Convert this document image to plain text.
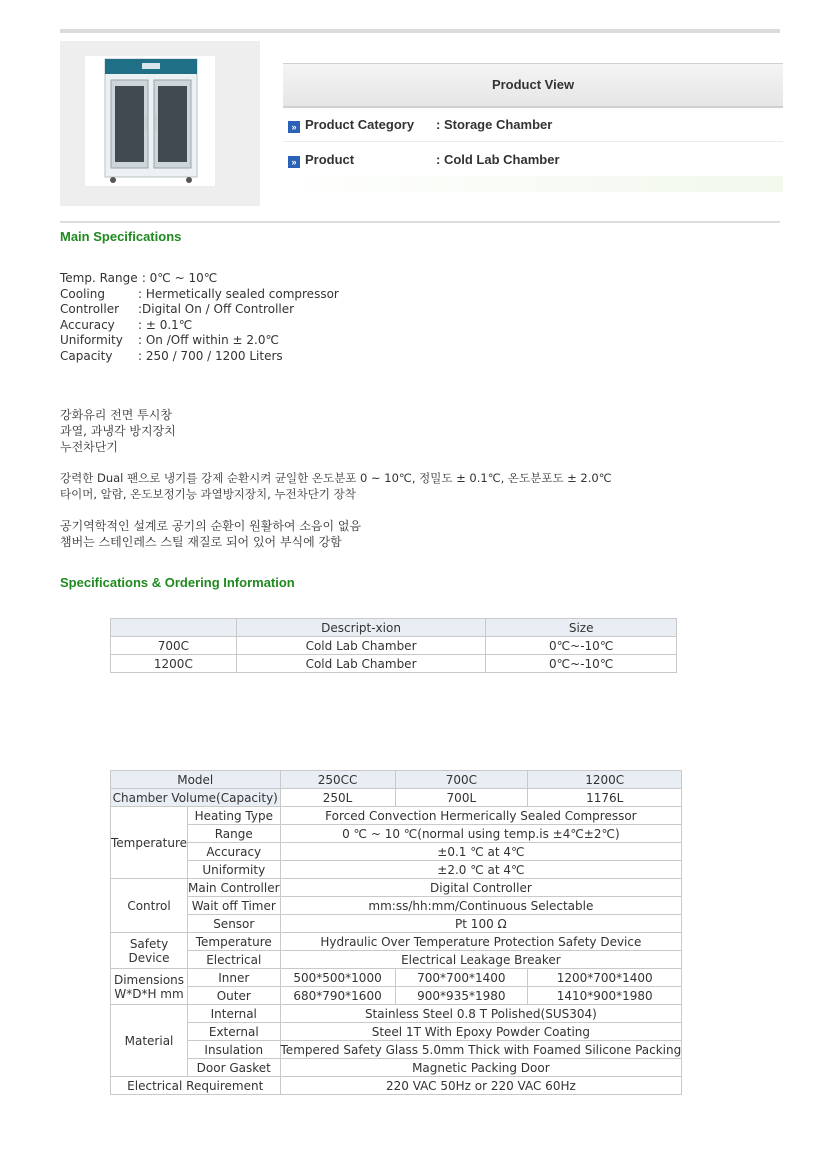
Product View
» Product Category : Storage Chamber
» Product	: Cold Lab Chamber
Main Specifications
Temp. Range : 0℃ ~ 10℃
Cooling	: Hermetically sealed compressor
Controller :Digital On / Off Controller
Accuracy : ± 0.1℃
Uniformity : On /Off within ± 2.0℃
Capacity : 250 / 700 / 1200 Liters
강화유리 전면 투시창
과열, 과냉각 방지장치
누전차단기
강력한 Dual 팬으로 냉기를 강제 순환시켜 균일한 온도분포 0 ~ 10℃, 정밀도 ± 0.1℃, 온도분포도 ± 2.0℃
타이머, 알람, 온도보정기능 과열방지장치, 누전차단기 장착
공기역학적인 설계로 공기의 순환이 원활하여 소음이 없음
챔버는 스테인레스 스틸 재질로 되어 있어 부식에 강함
Specifications & Ordering Information
	Descript-xion	Size
700C	Cold Lab Chamber	0℃~-10℃
1200C	Cold Lab Chamber	0℃~-10℃
Model		250CC	700C	1200C
Chamber Volume(Capacity)		250L	700L	1176L
Temperature	Heating Type	Forced Convection Hermerically Sealed Compressor		
	Range	0 ℃ ~ 10 ℃(normal using temp.is ±4℃±2℃)		
	Accuracy	±0.1 ℃ at 4℃		
	Uniformity	±2.0 ℃ at 4℃		
Control	Main Controller	Digital Controller		
	Wait off Timer	mm:ss/hh:mm/Continuous Selectable		
	Sensor	Pt 100 Ω		
Safety
Device	Temperature	Hydraulic Over Temperature Protection Safety Device		
	Electrical	Electrical Leakage Breaker		
Dimensions
W*D*H mm	Inner	500*500*1000	700*700*1400	1200*700*1400
	Outer	680*790*1600	900*935*1980	1410*900*1980
Material	Internal	Stainless Steel 0.8 T Polished(SUS304)		
	External	Steel 1T With Epoxy Powder Coating		
	Insulation	Tempered Safety Glass 5.0mm Thick with Foamed Silicone Packing		
	Door Gasket	Magnetic Packing Door		
Electrical Requirement		220 VAC 50Hz or 220 VAC 60Hz		
